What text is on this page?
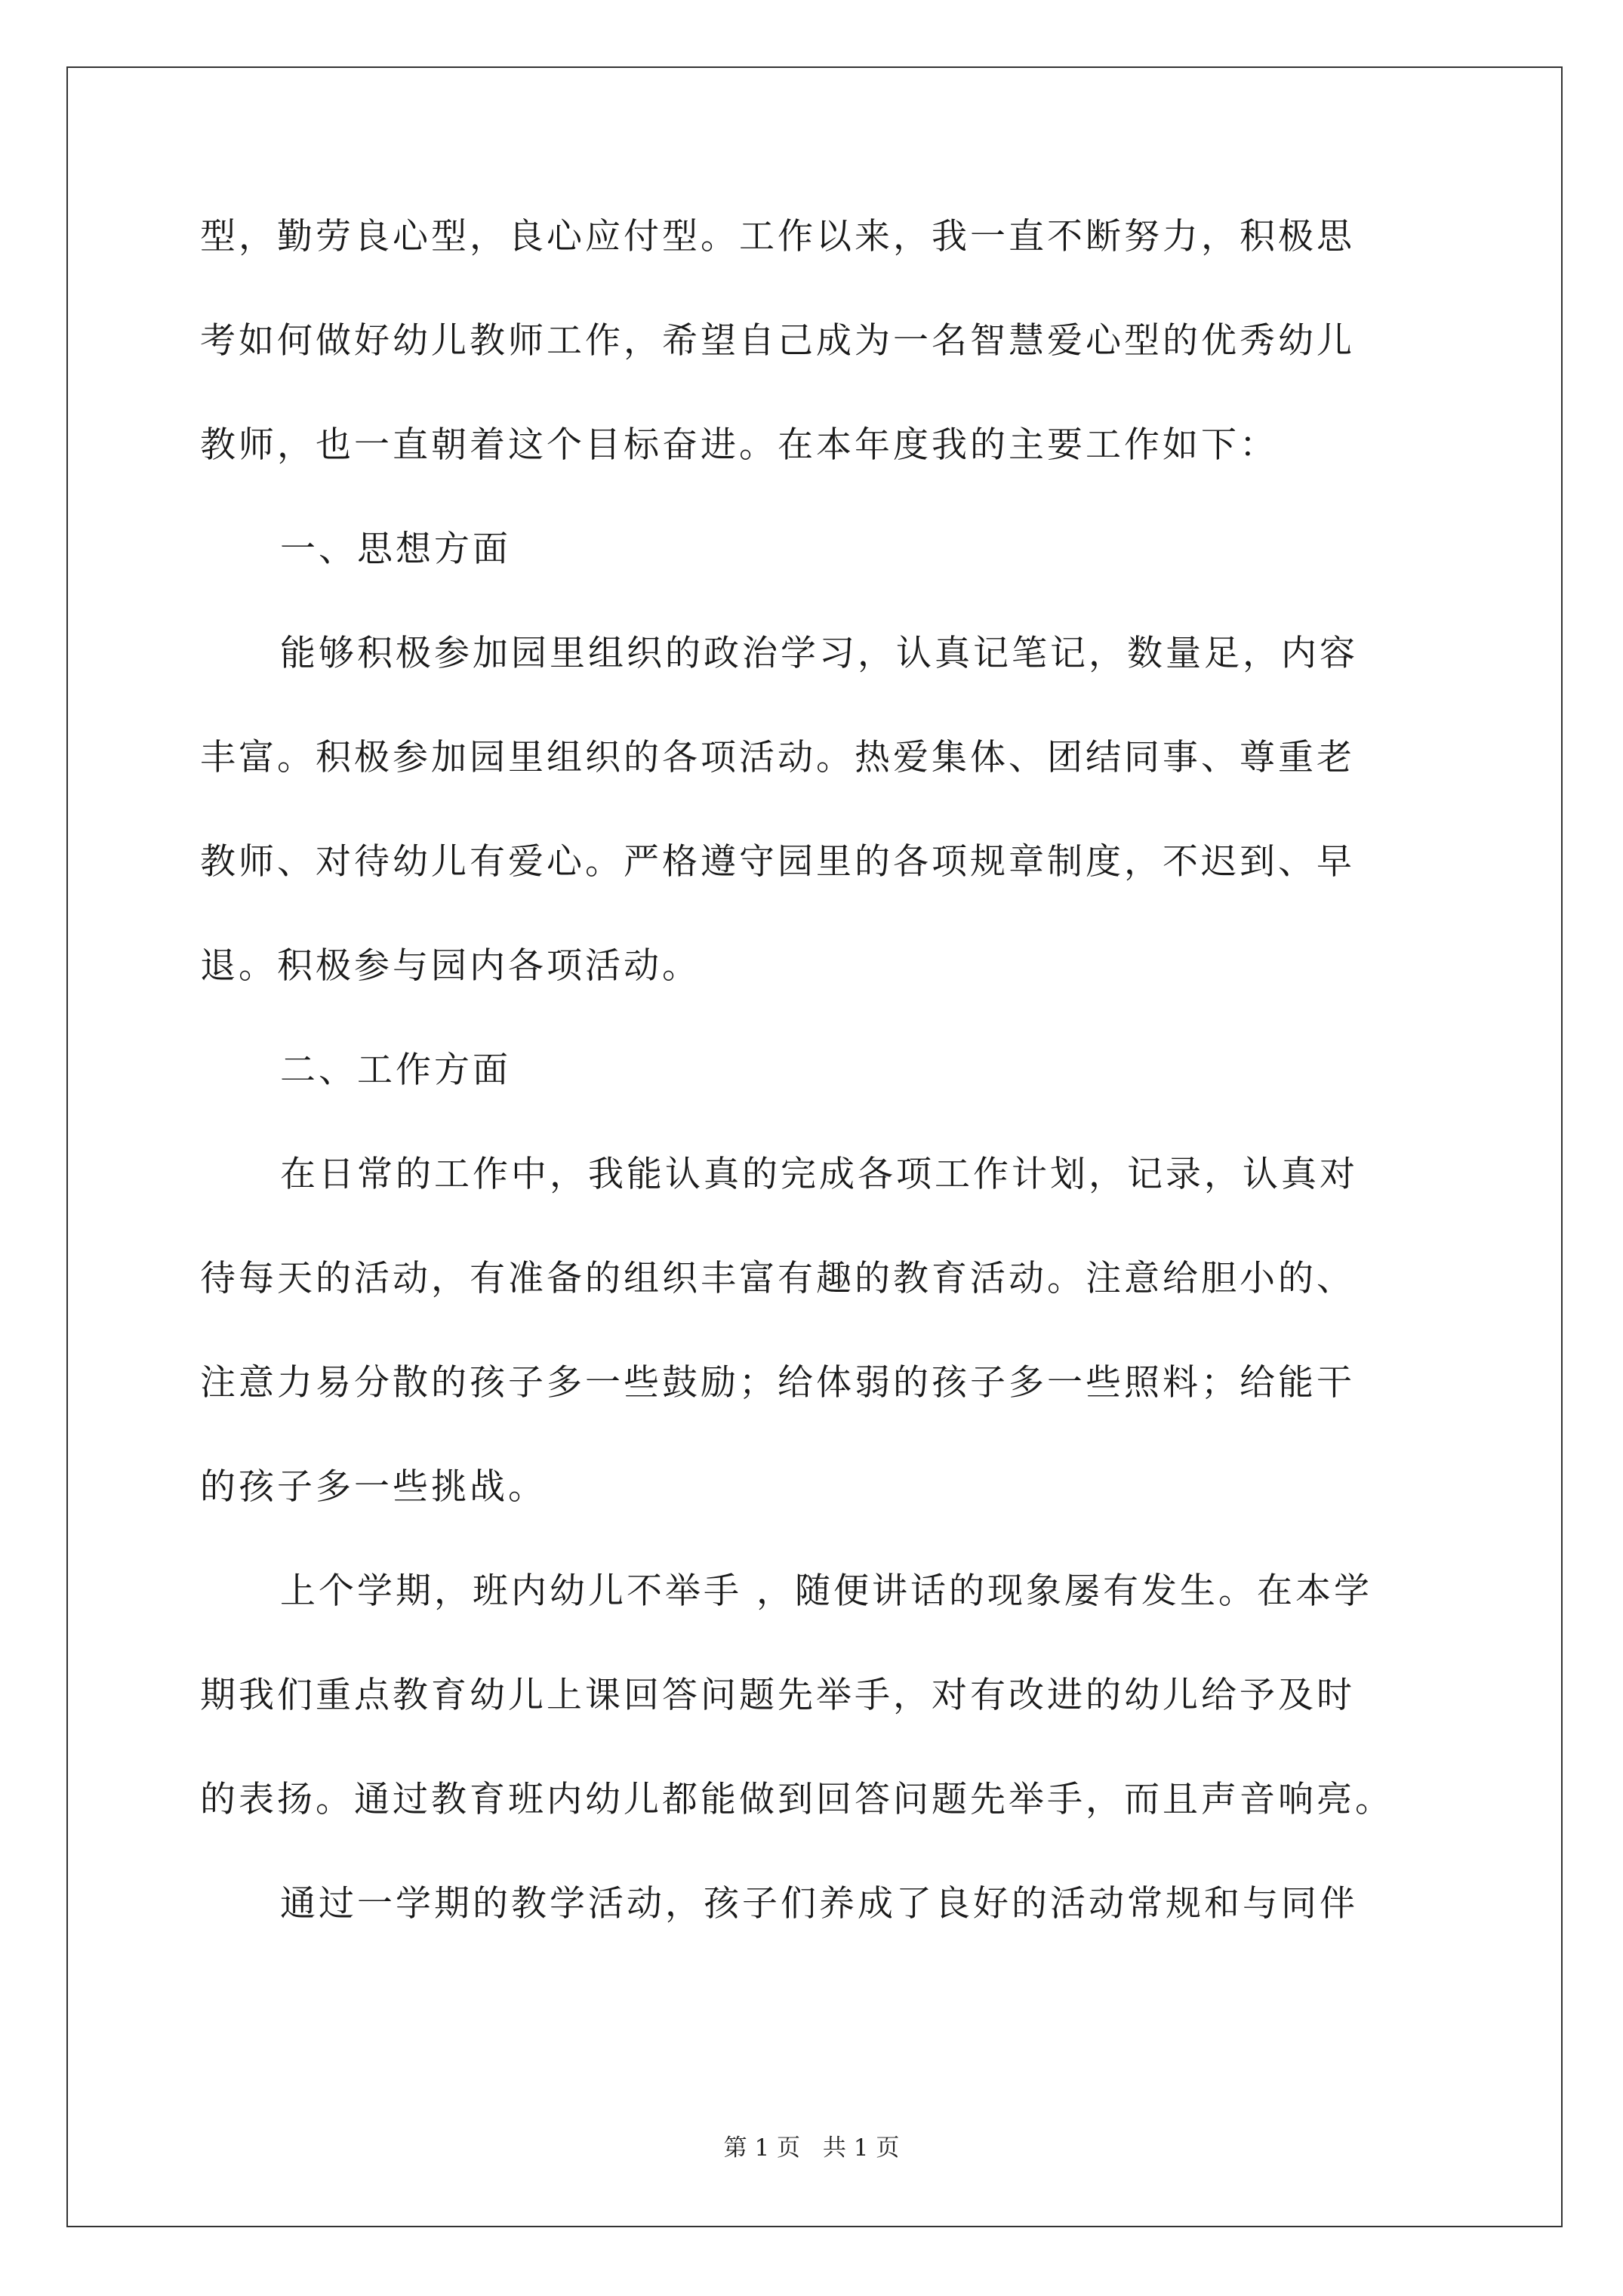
型，勤劳良心型，良心应付型。工作以来，我一直不断努力，积极思
考如何做好幼儿教师工作，希望自己成为一名智慧爱心型的优秀幼儿
教师，也一直朝着这个目标奋进。在本年度我的主要工作如下：
一、思想方面
能够积极参加园里组织的政治学习，认真记笔记，数量足，内容
丰富。积极参加园里组织的各项活动。热爱集体、团结同事、尊重老
教师、对待幼儿有爱心。严格遵守园里的各项规章制度，不迟到、早
退。积极参与园内各项活动。
二、工作方面
在日常的工作中，我能认真的完成各项工作计划，记录，认真对
待每天的活动，有准备的组织丰富有趣的教育活动。注意给胆小的、
注意力易分散的孩子多一些鼓励；给体弱的孩子多一些照料；给能干
的孩子多一些挑战。
上个学期，班内幼儿不举手 ，随便讲话的现象屡有发生。在本学
期我们重点教育幼儿上课回答问题先举手，对有改进的幼儿给予及时
的表扬。通过教育班内幼儿都能做到回答问题先举手，而且声音响亮。
通过一学期的教学活动，孩子们养成了良好的活动常规和与同伴
第 1 页 共 1 页
